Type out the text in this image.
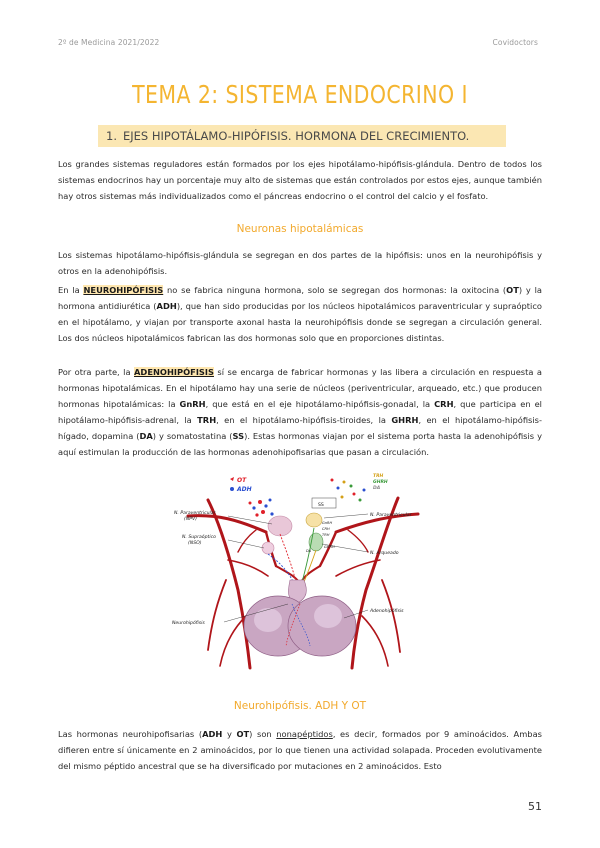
2º de Medicina 2021/2022	Covidoctors
TEMA 2: SISTEMA ENDOCRINO I
1. EJES HIPOTÁLAMO-HIPÓFISIS. HORMONA DEL CRECIMIENTO.
Los grandes sistemas reguladores están formados por los ejes hipotálamo-hipófisis-glándula. Dentro de todos los sistemas endocrinos hay un porcentaje muy alto de sistemas que están controlados por estos ejes, aunque también hay otros sistemas más individualizados como el páncreas endocrino o el control del calcio y el fosfato.
Neuronas hipotalámicas
Los sistemas hipotálamo-hipófisis-glándula se segregan en dos partes de la hipófisis: unos en la neurohipófisis y otros en la adenohipófisis.
En la NEUROHIPÓFISIS no se fabrica ninguna hormona, solo se segregan dos hormonas: la oxitocina (OT) y la hormona antidiurética (ADH), que han sido producidas por los núcleos hipotalámicos paraventricular y supraóptico en el hipotálamo, y viajan por transporte axonal hasta la neurohipófisis donde se segregan a circulación general. Los dos núcleos hipotalámicos fabrican las dos hormonas solo que en proporciones distintas.
Por otra parte, la ADENOHIPÓFISIS sí se encarga de fabricar hormonas y las libera a circulación en respuesta a hormonas hipotalámicas. En el hipotálamo hay una serie de núcleos (periventricular, arqueado, etc.) que producen hormonas hipotalámicas: la GnRH, que está en el eje hipotálamo-hipófisis-gonadal, la CRH, que participa en el hipotálamo-hipófisis-adrenal, la TRH, en el hipotálamo-hipófisis-tiroides, la GHRH, en el hipotálamo-hipófisis-hígado, dopamina (DA) y somatostatina (SS). Estas hormonas viajan por el sistema porta hasta la adenohipófisis y aquí estimulan la producción de las hormonas adenohipofisarias que pasan a circulación.
OT
ADH
TRH
GHRH
DA
N. Paraventricular
(NPV)
N. Supraóptico
(NSO)
N. Paraventricular
N. Arqueado
Adenohipófisis
Neurohipófisis
SS
GnRH
CRH
TRH
GHRH
DA
Neurohipófisis. ADH Y OT
Las hormonas neurohipofisarias (ADH y OT) son nonapéptidos, es decir, formados por 9 aminoácidos. Ambas difieren entre sí únicamente en 2 aminoácidos, por lo que tienen una actividad solapada. Proceden evolutivamente del mismo péptido ancestral que se ha diversificado por mutaciones en 2 aminoácidos. Esto
51
